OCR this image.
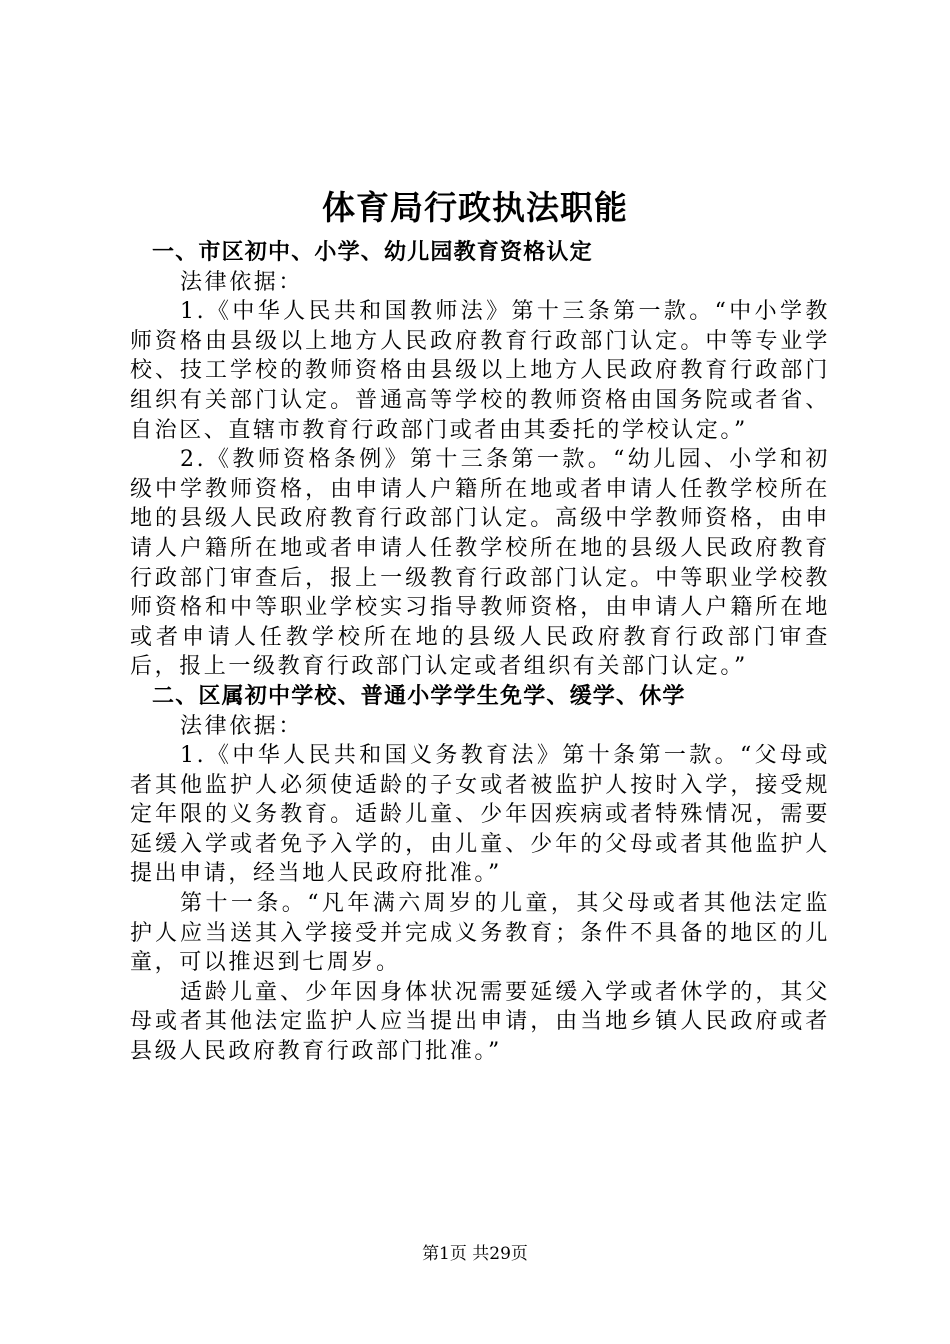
体育局行政执法职能
一、市区初中、小学、幼儿园教育资格认定
法律依据：

1.《中华人民共和国教师法》第十三条第一款。“中小学教师资格由县级以上地方人民政府教育行政部门认定。中等专业学校、技工学校的教师资格由县级以上地方人民政府教育行政部门组织有关部门认定。普通高等学校的教师资格由国务院或者省、自治区、直辖市教育行政部门或者由其委托的学校认定。”

2.《教师资格条例》第十三条第一款。“幼儿园、小学和初级中学教师资格，由申请人户籍所在地或者申请人任教学校所在地的县级人民政府教育行政部门认定。高级中学教师资格，由申请人户籍所在地或者申请人任教学校所在地的县级人民政府教育行政部门审查后，报上一级教育行政部门认定。中等职业学校教师资格和中等职业学校实习指导教师资格，由申请人户籍所在地或者申请人任教学校所在地的县级人民政府教育行政部门审查后，报上一级教育行政部门认定或者组织有关部门认定。”

二、区属初中学校、普通小学学生免学、缓学、休学
法律依据：

1.《中华人民共和国义务教育法》第十条第一款。“父母或者其他监护人必须使适龄的子女或者被监护人按时入学，接受规定年限的义务教育。适龄儿童、少年因疾病或者特殊情况，需要延缓入学或者免予入学的，由儿童、少年的父母或者其他监护人提出申请，经当地人民政府批准。”

第十一条。“凡年满六周岁的儿童，其父母或者其他法定监护人应当送其入学接受并完成义务教育；条件不具备的地区的儿童，可以推迟到七周岁。

适龄儿童、少年因身体状况需要延缓入学或者休学的，其父母或者其他法定监护人应当提出申请，由当地乡镇人民政府或者县级人民政府教育行政部门批准。”

第1页 共29页
